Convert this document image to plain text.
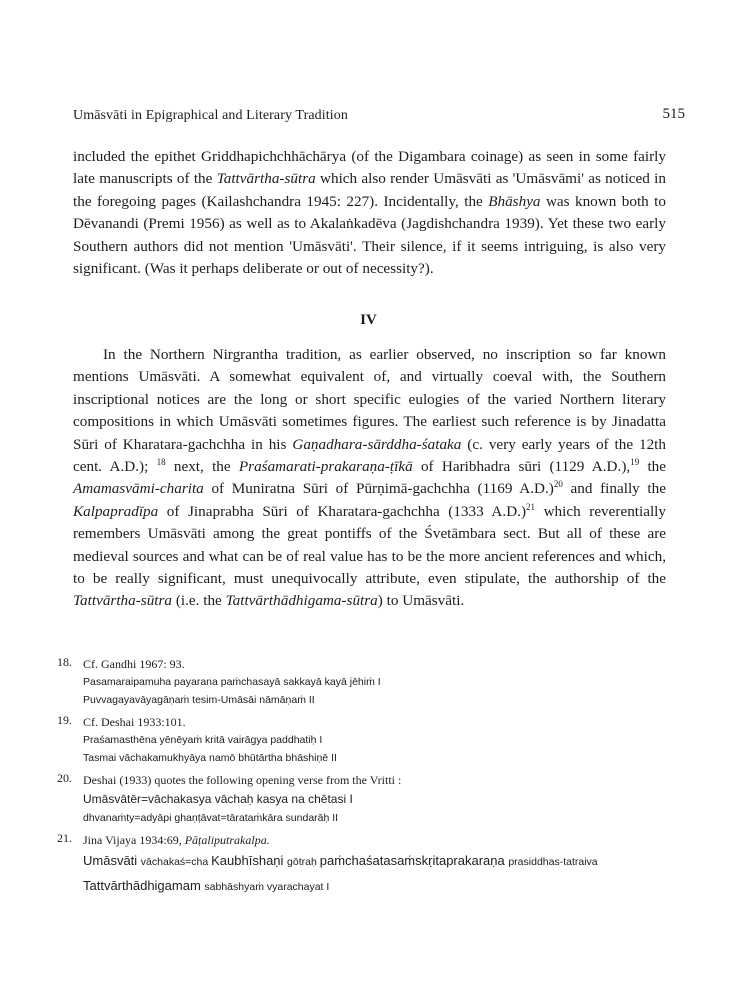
Umāsvāti in Epigraphical and Literary Tradition	515

included the epithet Griddhapichchhāchārya (of the Digambara coinage) as seen in some fairly late manuscripts of the Tattvārtha-sūtra which also render Umāsvāti as 'Umāsvāmi' as noticed in the foregoing pages (Kailashchandra 1945: 227). Incidentally, the Bhāshya was known both to Dēvanandi (Premi 1956) as well as to Akalaṅkadēva (Jagdishchandra 1939). Yet these two early Southern authors did not mention 'Umāsvāti'. Their silence, if it seems intriguing, is also very significant. (Was it perhaps deliberate or out of necessity?).

IV

In the Northern Nirgrantha tradition, as earlier observed, no inscription so far known mentions Umāsvāti. A somewhat equivalent of, and virtually coeval with, the Southern inscriptional notices are the long or short specific eulogies of the varied Northern literary compositions in which Umāsvāti sometimes figures. The earliest such reference is by Jinadatta Sūri of Kharatara-gachchha in his Gaṇadhara-sārddha-śataka (c. very early years of the 12th cent. A.D.); $^{18}$ next, the Praśamarati-prakaraṇa-ṭīkā of Haribhadra sūri (1129 A.D.),$^{19}$ the Amamasvāmi-charita of Muniratna Sūri of Pūrṇimā-gachchha (1169 A.D.)$^{20}$ and finally the Kalpapradīpa of Jinaprabha Sūri of Kharatara-gachchha (1333 A.D.)$^{21}$ which reverentially remembers Umāsvāti among the great pontiffs of the Śvetāmbara sect. But all of these are medieval sources and what can be of real value has to be the more ancient references and which, to be really significant, must unequivocally attribute, even stipulate, the authorship of the Tattvārtha-sūtra (i.e. the Tattvārthādhigama-sūtra) to Umāsvāti.

18. Cf. Gandhi 1967: 93.
Pasamaraipamuha payarana paṁchasayā sakkayā kayā jēhiṁ I
Puvvagayavāyagāṇaṁ tesim-Umāsāi nāmāṇaṁ II
19. Cf. Deshai 1933:101.
Praśamasthēna yēnēyaṁ kritā vairāgya paddhatiḥ I
Tasmai vāchakamukhyāya namō bhūtārtha bhāshiṇē II
20. Deshai (1933) quotes the following opening verse from the Vritti :
Umāsvātēr=vāchakasya vāchaḥ kasya na chētasi I
dhvanaṁty=adyāpi ghaṇṭāvat=tārataṁkāra sundarāḥ II
21. Jina Vijaya 1934:69, Pāṭaliputrakalpa.
Umāsvāti vāchakaś=cha Kaubhīshaṇi gōtraḥ paṁchaśatasaṁskṛitaprakaraṇa prasiddhas-tatraiva
Tattvārthādhigamam sabhāshyaṁ vyarachayat I
